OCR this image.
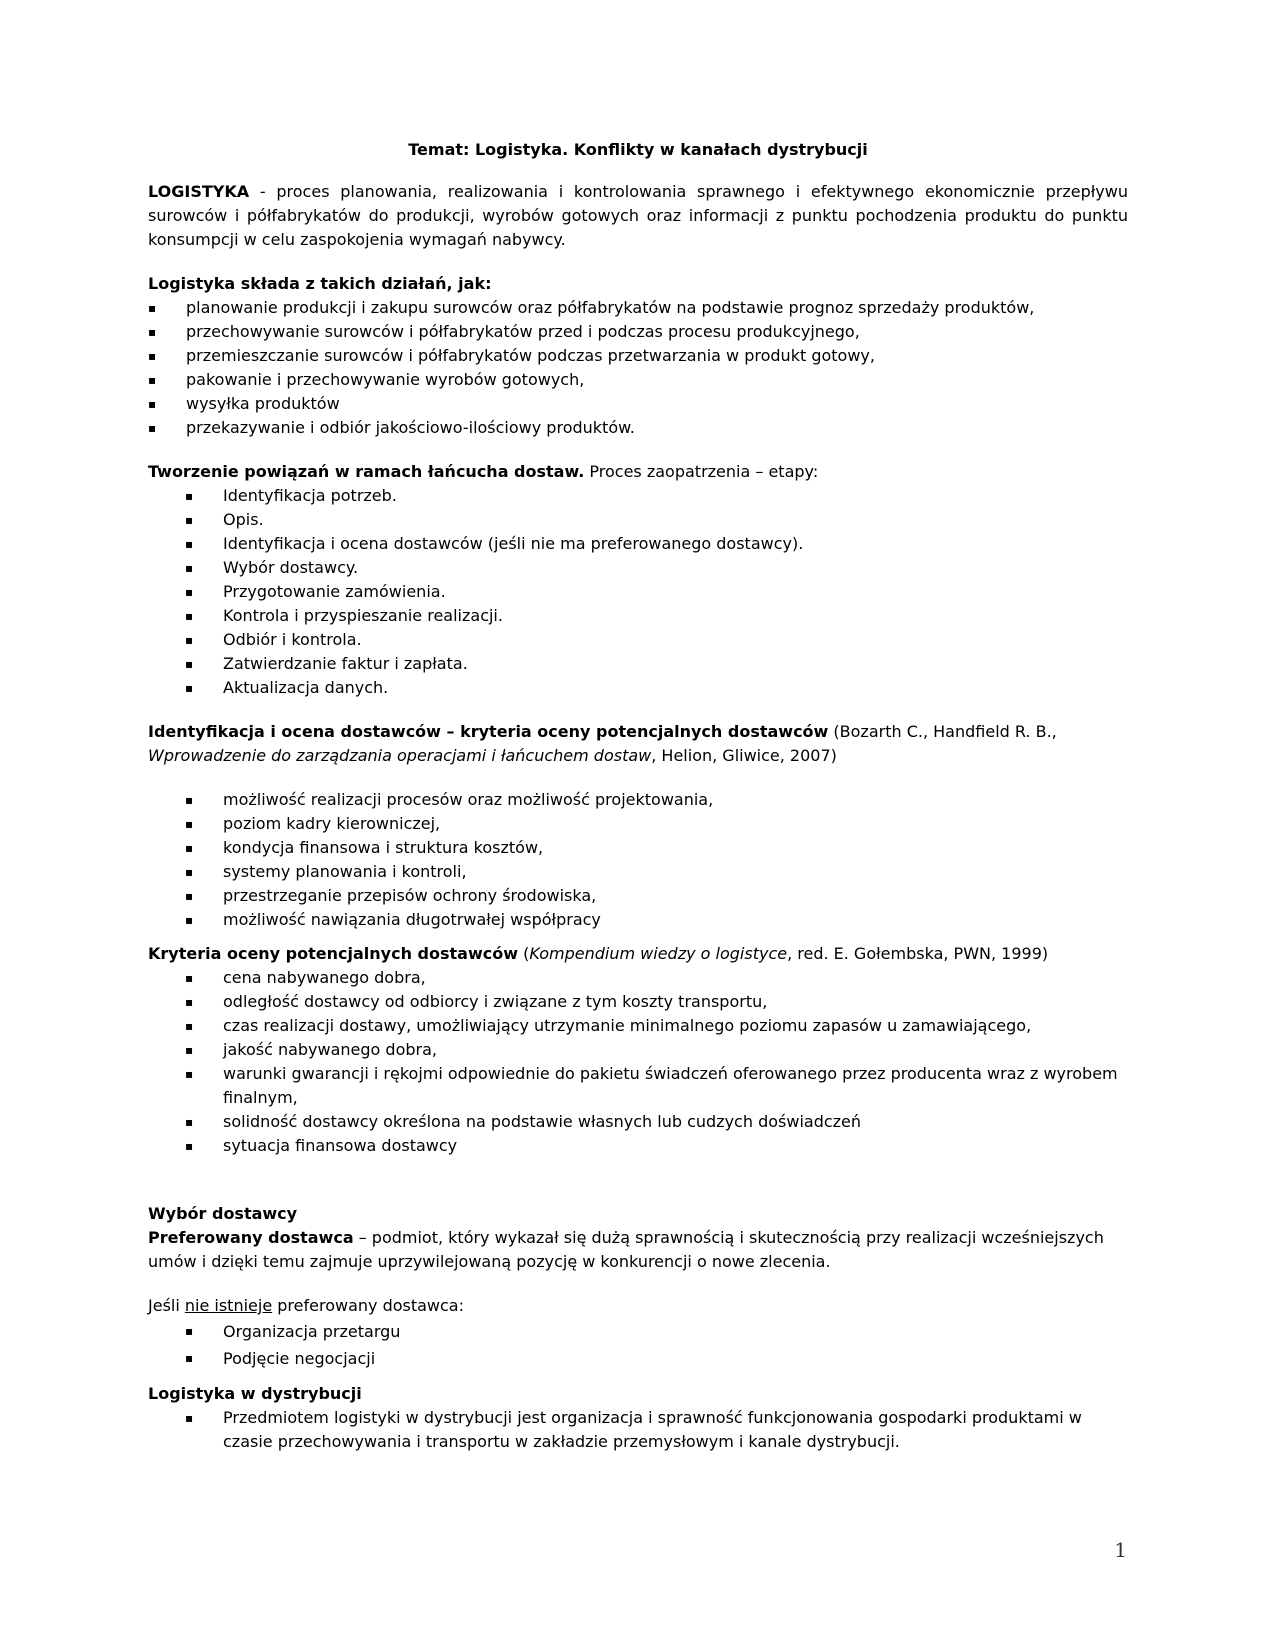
Temat: Logistyka. Konflikty w kanałach dystrybucji

LOGISTYKA - proces planowania, realizowania i kontrolowania sprawnego i efektywnego ekonomicznie przepływu surowców i półfabrykatów do produkcji, wyrobów gotowych oraz informacji z punktu pochodzenia produktu do punktu konsumpcji w celu zaspokojenia wymagań nabywcy.

Logistyka składa z takich działań, jak:

▪ planowanie produkcji i zakupu surowców oraz półfabrykatów na podstawie prognoz sprzedaży produktów,
▪ przechowywanie surowców i półfabrykatów przed i podczas procesu produkcyjnego,
▪ przemieszczanie surowców i półfabrykatów podczas przetwarzania w produkt gotowy,
▪ pakowanie i przechowywanie wyrobów gotowych,
▪ wysyłka produktów
▪ przekazywanie i odbiór jakościowo-ilościowy produktów.

Tworzenie powiązań w ramach łańcucha dostaw. Proces zaopatrzenia – etapy:

▪ Identyfikacja potrzeb.
▪ Opis.
▪ Identyfikacja i ocena dostawców (jeśli nie ma preferowanego dostawcy).
▪ Wybór dostawcy.
▪ Przygotowanie zamówienia.
▪ Kontrola i przyspieszanie realizacji.
▪ Odbiór i kontrola.
▪ Zatwierdzanie faktur i zapłata.
▪ Aktualizacja danych.

Identyfikacja i ocena dostawców – kryteria oceny potencjalnych dostawców (Bozarth C., Handfield R. B., Wprowadzenie do zarządzania operacjami i łańcuchem dostaw, Helion, Gliwice, 2007)

▪ możliwość realizacji procesów oraz możliwość projektowania,
▪ poziom kadry kierowniczej,
▪ kondycja finansowa i struktura kosztów,
▪ systemy planowania i kontroli,
▪ przestrzeganie przepisów ochrony środowiska,
▪ możliwość nawiązania długotrwałej współpracy

Kryteria oceny potencjalnych dostawców (Kompendium wiedzy o logistyce, red. E. Gołembska, PWN, 1999)

▪ cena nabywanego dobra,
▪ odległość dostawcy od odbiorcy i związane z tym koszty transportu,
▪ czas realizacji dostawy, umożliwiający utrzymanie minimalnego poziomu zapasów u zamawiającego,
▪ jakość nabywanego dobra,
▪ warunki gwarancji i rękojmi odpowiednie do pakietu świadczeń oferowanego przez producenta wraz z wyrobem finalnym,
▪ solidność dostawcy określona na podstawie własnych lub cudzych doświadczeń
▪ sytuacja finansowa dostawcy

Wybór dostawcy

Preferowany dostawca – podmiot, który wykazał się dużą sprawnością i skutecznością przy realizacji wcześniejszych umów i dzięki temu zajmuje uprzywilejowaną pozycję w konkurencji o nowe zlecenia.

Jeśli nie istnieje preferowany dostawca:

▪ Organizacja przetargu
▪ Podjęcie negocjacji

Logistyka w dystrybucji

▪ Przedmiotem logistyki w dystrybucji jest organizacja i sprawność funkcjonowania gospodarki produktami w czasie przechowywania i transportu w zakładzie przemysłowym i kanale dystrybucji.
1
